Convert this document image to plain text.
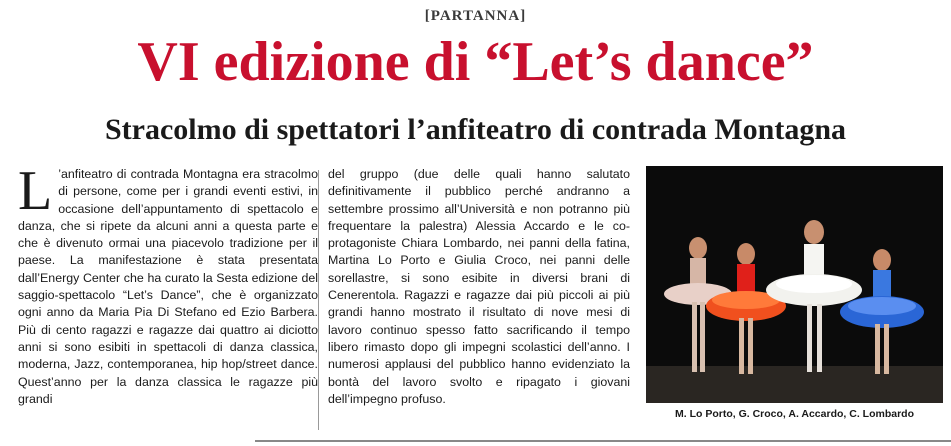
[PARTANNA]
VI edizione di “Let’s dance”
Stracolmo di spettatori l’anfiteatro di contrada Montagna
L ’anfiteatro di contrada Montagna era stracolmo di persone, come per i grandi eventi estivi, in occasione dell’appuntamento di spettacolo e danza, che si ripete da alcuni anni a questa parte e che è divenuto ormai una piacevolo tradizione per il paese. La manifestazione è stata presentata dall’Energy Center che ha curato la Sesta edizione del saggio-spettacolo “Let’s Dance”, che è organizzato ogni anno da Maria Pia Di Stefano ed Ezio Barbera. Più di cento ragazzi e ragazze dai quattro ai diciotto anni si sono esibiti in spettacoli di danza classica, moderna, Jazz, contemporanea, hip hop/street dance. Quest’anno per la danza classica le ragazze più grandi
del gruppo (due delle quali hanno salutato definitivamente il pubblico perché andranno a settembre prossimo all’Università e non potranno più frequentare la palestra) Alessia Accardo e le co-protagoniste Chiara Lombardo, nei panni della fatina, Martina Lo Porto e Giulia Croco, nei panni delle sorellastre, si sono esibite in diversi brani di Cenerentola. Ragazzi e ragazze dai più piccoli ai più grandi hanno mostrato il risultato di nove mesi di lavoro continuo spesso fatto sacrificando il tempo libero rimasto dopo gli impegni scolastici dell’anno. I numerosi applausi del pubblico hanno evidenziato la bontà del lavoro svolto e ripagato i giovani dell’impegno profuso.
M. Lo Porto, G. Croco, A. Accardo, C. Lombardo
